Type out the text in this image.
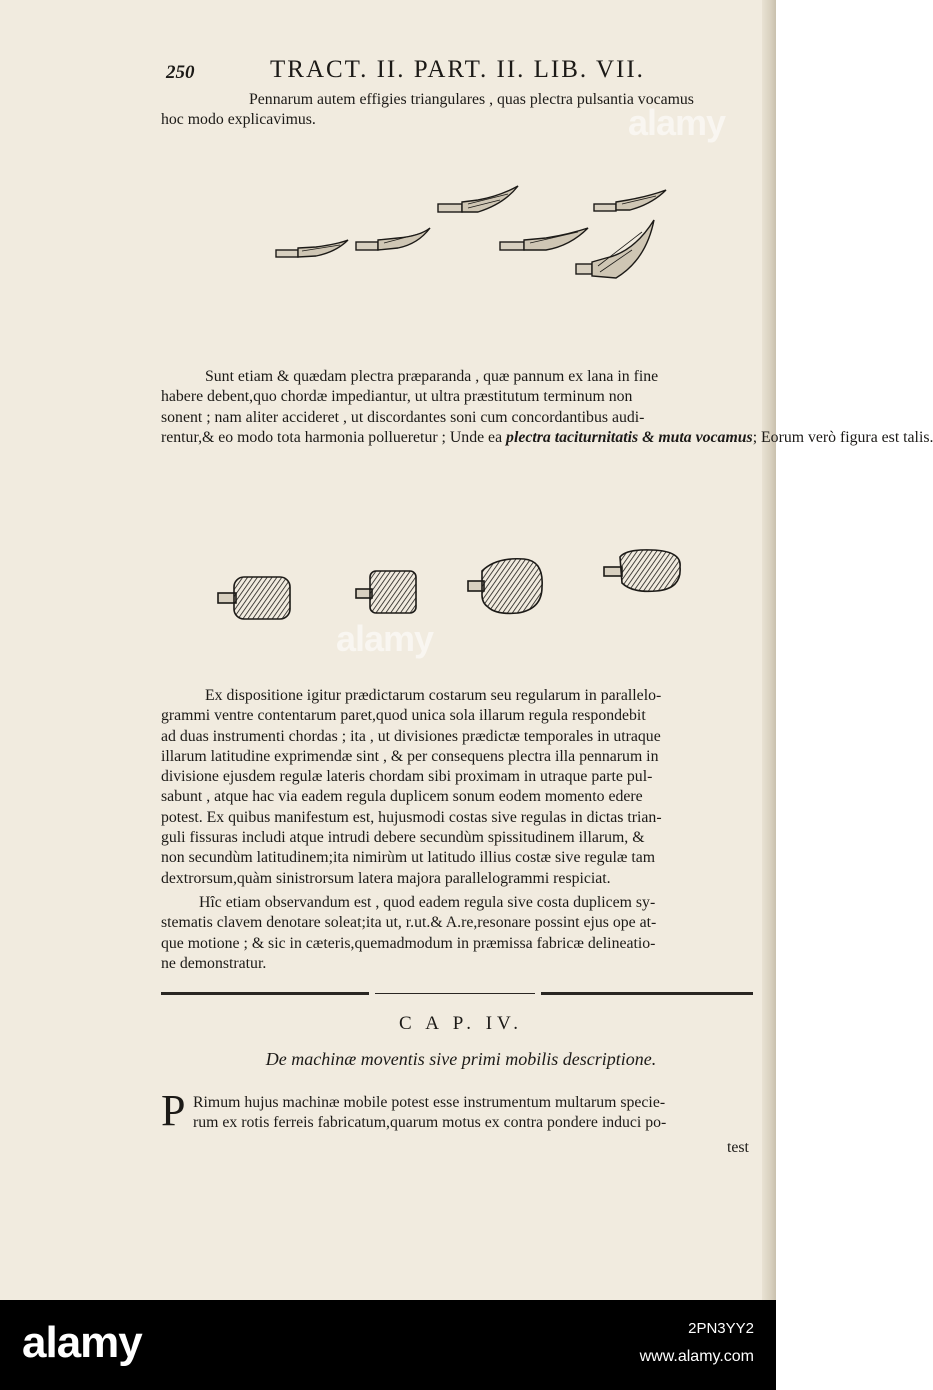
250	TRACT. II. PART. II. LIB. VII.

Pennarum autem effigies triangulares , quas plectra pulsantia vocamus
hoc modo explicavimus.

Sunt etiam & quædam plectra præparanda , quæ pannum ex lana in fine
habere debent,quo chordæ impediantur, ut ultra præstitutum terminum non
sonent ; nam aliter accideret , ut discordantes soni cum concordantibus audi-
rentur,& eo modo tota harmonia pollueretur ; Unde ea plectra taciturnitatis & muta vocamus; Eorum verò figura est talis.

Ex dispositione igitur prædictarum costarum seu regularum in parallelo-
grammi ventre contentarum paret,quod unica sola illarum regula respondebit
ad duas instrumenti chordas ; ita , ut divisiones prædictæ temporales in utraque
illarum latitudine exprimendæ sint , & per consequens plectra illa pennarum in
divisione ejusdem regulæ lateris chordam sibi proximam in utraque parte pul-
sabunt , atque hac via eadem regula duplicem sonum eodem momento edere
potest. Ex quibus manifestum est, hujusmodi costas sive regulas in dictas trian-
guli fissuras includi atque intrudi debere secundùm spissitudinem illarum, &
non secundùm latitudinem;ita nimirùm ut latitudo illius costæ sive regulæ tam
dextrorsum,quàm sinistrorsum latera majora parallelogrammi respiciat.

Hîc etiam observandum est , quod eadem regula sive costa duplicem sy-
stematis clavem denotare soleat;ita ut, r.ut.& A.re,resonare possint ejus ope at-
que motione ; & sic in cæteris,quemadmodum in præmissa fabricæ delineatio-
ne demonstratur.

C A P. IV.
De machinæ moventis sive primi mobilis descriptione.
P Rimum hujus machinæ mobile potest esse instrumentum multarum specie-
rum ex rotis ferreis fabricatum,quarum motus ex contra pondere induci po-

test
alamy
alamy
alamy	2PN3YY2
www.alamy.com
